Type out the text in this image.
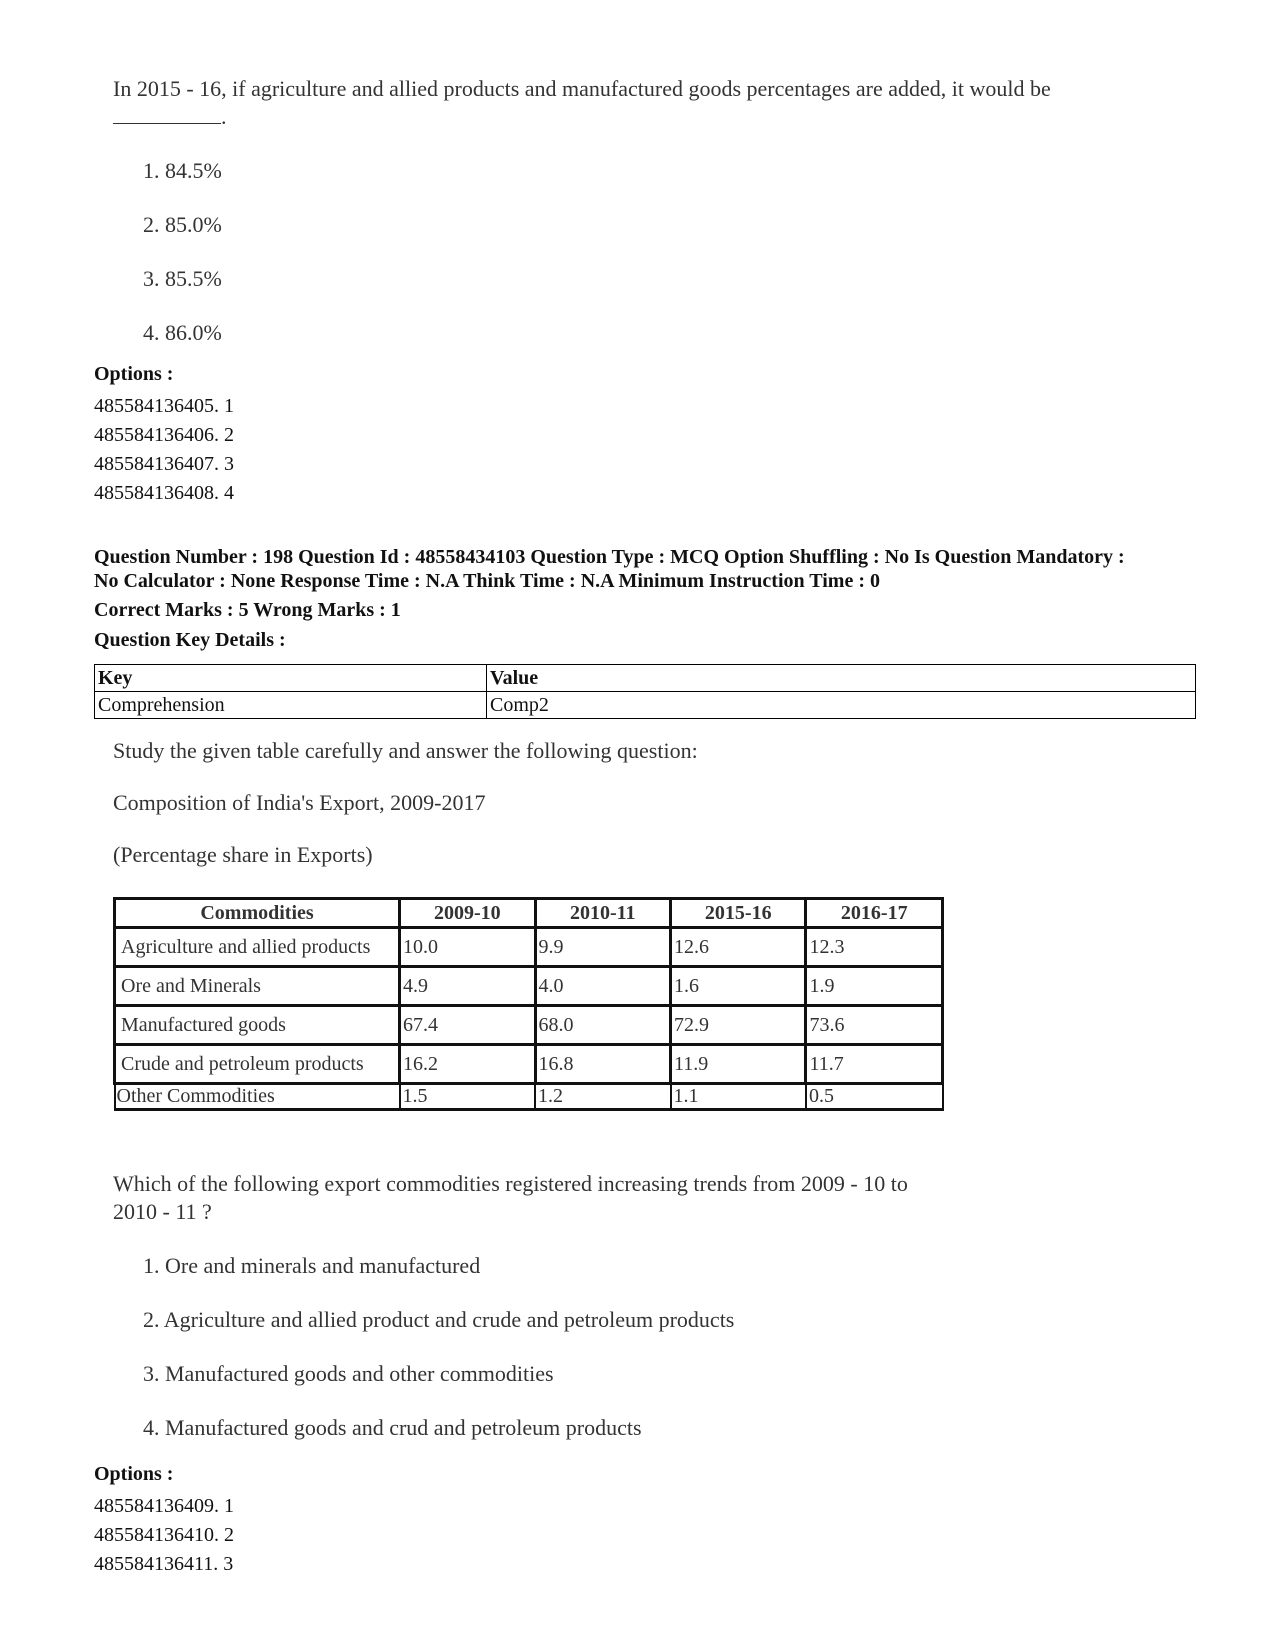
In 2015 - 16, if agriculture and allied products and manufactured goods percentages are added, it would be
.
1. 84.5%
2. 85.0%
3. 85.5%
4. 86.0%
Options :
485584136405. 1
485584136406. 2
485584136407. 3
485584136408. 4
Question Number : 198 Question Id : 48558434103 Question Type : MCQ Option Shuffling : No Is Question Mandatory :
No Calculator : None Response Time : N.A Think Time : N.A Minimum Instruction Time : 0
Correct Marks : 5 Wrong Marks : 1
Question Key Details :
Key	Value
Comprehension	Comp2
Study the given table carefully and answer the following question:
Composition of India's Export, 2009-2017
(Percentage share in Exports)
Commodities	2009-10	2010-11	2015-16	2016-17
Agriculture and allied products	10.0	9.9	12.6	12.3
Ore and Minerals	4.9	4.0	1.6	1.9
Manufactured goods	67.4	68.0	72.9	73.6
Crude and petroleum products	16.2	16.8	11.9	11.7
Other Commodities	1.5	1.2	1.1	0.5
Which of the following export commodities registered increasing trends from 2009 - 10 to
2010 - 11 ?
1. Ore and minerals and manufactured
2. Agriculture and allied product and crude and petroleum products
3. Manufactured goods and other commodities
4. Manufactured goods and crud and petroleum products
Options :
485584136409. 1
485584136410. 2
485584136411. 3
